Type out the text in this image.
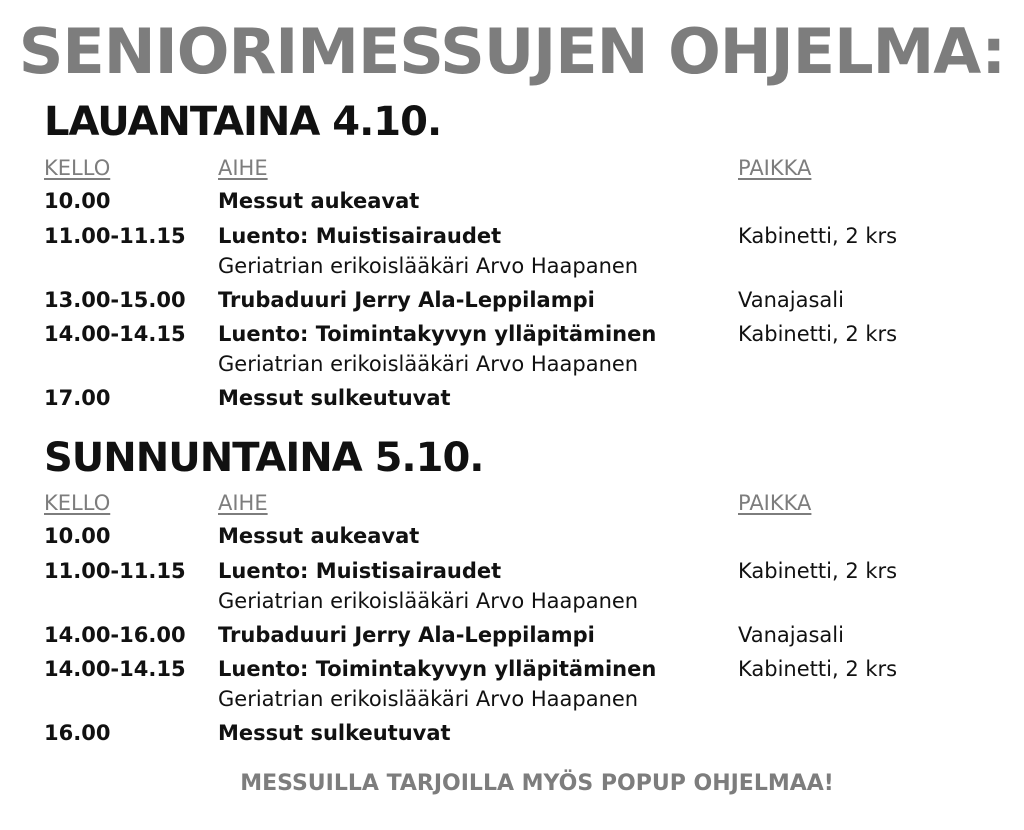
SENIORIMESSUJEN OHJELMA:
LAUANTAINA 4.10.
KELLO	AIHE	PAIKKA
10.00	Messut aukeavat
11.00-11.15 Luento: Muistisairaudet	Kabinetti, 2 krs
Geriatrian erikoislääkäri Arvo Haapanen
13.00-15.00 Trubaduuri Jerry Ala-Leppilampi	Vanajasali
14.00-14.15 Luento: Toimintakyvyn ylläpitäminen	Kabinetti, 2 krs
Geriatrian erikoislääkäri Arvo Haapanen
17.00	Messut sulkeutuvat
SUNNUNTAINA 5.10.
KELLO	AIHE	PAIKKA
10.00	Messut aukeavat
11.00-11.15 Luento: Muistisairaudet	Kabinetti, 2 krs
Geriatrian erikoislääkäri Arvo Haapanen
14.00-16.00 Trubaduuri Jerry Ala-Leppilampi	Vanajasali
14.00-14.15 Luento: Toimintakyvyn ylläpitäminen	Kabinetti, 2 krs
Geriatrian erikoislääkäri Arvo Haapanen
16.00	Messut sulkeutuvat
MESSUILLA TARJOILLA MYÖS POPUP OHJELMAA!
